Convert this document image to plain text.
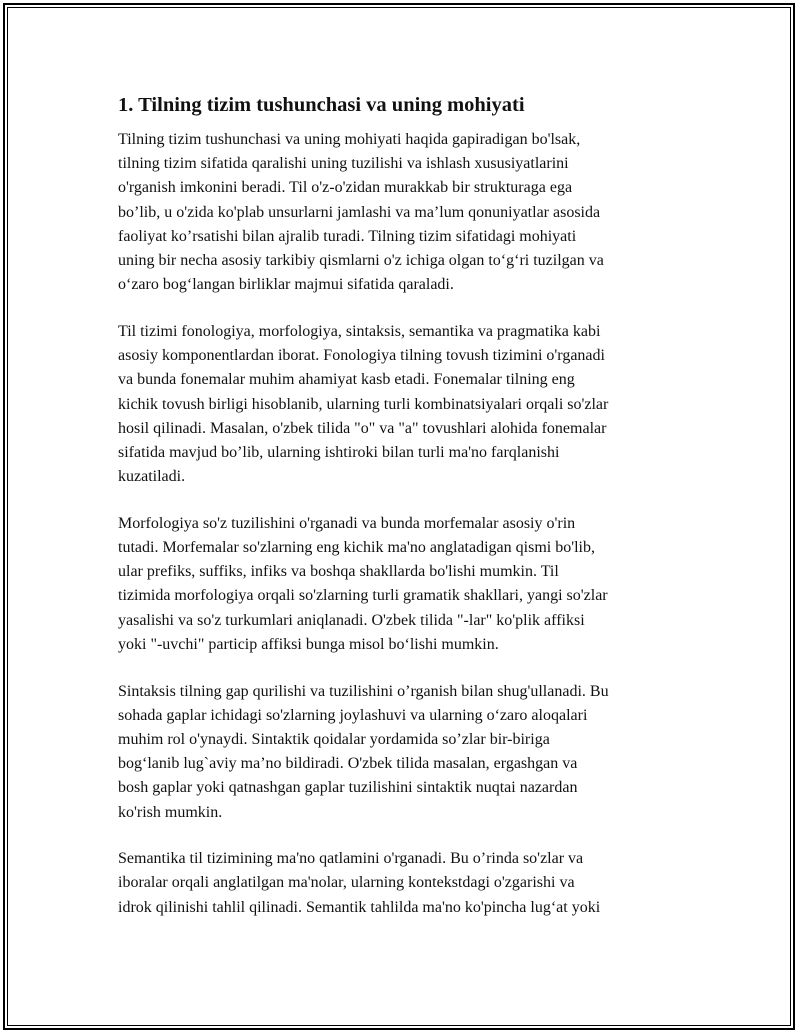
1. Tilning tizim tushunchasi va uning mohiyati

Tilning tizim tushunchasi va uning mohiyati haqida gapiradigan bo'lsak,
tilning tizim sifatida qaralishi uning tuzilishi va ishlash xususiyatlarini
o'rganish imkonini beradi. Til o'z-o'zidan murakkab bir strukturaga ega
bo’lib, u o'zida ko'plab unsurlarni jamlashi va ma’lum qonuniyatlar asosida
faoliyat ko’rsatishi bilan ajralib turadi. Tilning tizim sifatidagi mohiyati
uning bir necha asosiy tarkibiy qismlarni o'z ichiga olgan to‘g‘ri tuzilgan va
o‘zaro bog‘langan birliklar majmui sifatida qaraladi.

Til tizimi fonologiya, morfologiya, sintaksis, semantika va pragmatika kabi
asosiy komponentlardan iborat. Fonologiya tilning tovush tizimini o'rganadi
va bunda fonemalar muhim ahamiyat kasb etadi. Fonemalar tilning eng
kichik tovush birligi hisoblanib, ularning turli kombinatsiyalari orqali so'zlar
hosil qilinadi. Masalan, o'zbek tilida "o" va "a" tovushlari alohida fonemalar
sifatida mavjud bo’lib, ularning ishtiroki bilan turli ma'no farqlanishi
kuzatiladi.

Morfologiya so'z tuzilishini o'rganadi va bunda morfemalar asosiy o'rin
tutadi. Morfemalar so'zlarning eng kichik ma'no anglatadigan qismi bo'lib,
ular prefiks, suffiks, infiks va boshqa shakllarda bo'lishi mumkin. Til
tizimida morfologiya orqali so'zlarning turli gramatik shakllari, yangi so'zlar
yasalishi va so'z turkumlari aniqlanadi. O'zbek tilida "-lar" ko'plik affiksi
yoki "-uvchi" particip affiksi bunga misol bo‘lishi mumkin.

Sintaksis tilning gap qurilishi va tuzilishini o’rganish bilan shug'ullanadi. Bu
sohada gaplar ichidagi so'zlarning joylashuvi va ularning o‘zaro aloqalari
muhim rol o'ynaydi. Sintaktik qoidalar yordamida so’zlar bir-biriga
bog‘lanib lug`aviy ma’no bildiradi. O'zbek tilida masalan, ergashgan va
bosh gaplar yoki qatnashgan gaplar tuzilishini sintaktik nuqtai nazardan
ko'rish mumkin.

Semantika til tizimining ma'no qatlamini o'rganadi. Bu o’rinda so'zlar va
iboralar orqali anglatilgan ma'nolar, ularning kontekstdagi o'zgarishi va
idrok qilinishi tahlil qilinadi. Semantik tahlilda ma'no ko'pincha lug‘at yoki
